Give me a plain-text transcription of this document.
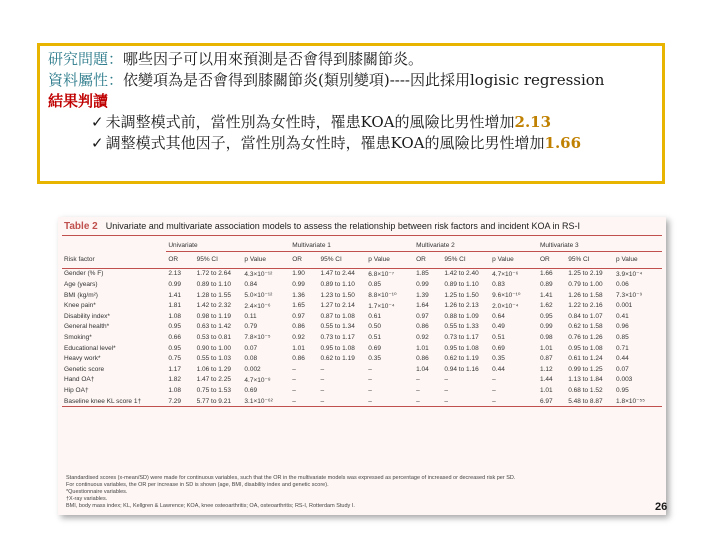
研究問題：哪些因子可以用來預測是否會得到膝關節炎。
資料屬性：依變項為是否會得到膝關節炎(類別變項)----因此採用logisic regression
結果判讀
✓ 未調整模式前，當性別為女性時，罹患KOA的風險比男性增加2.13
✓ 調整模式其他因子，當性別為女性時，罹患KOA的風險比男性增加1.66
Table 2 Univariate and multivariate association models to assess the relationship between risk factors and incident KOA in RS-I
	Univariate			Multivariate 1			Multivariate 2			Multivariate 3		
Risk factor	OR	95% CI	p Value	OR	95% CI	p Value	OR	95% CI	p Value	OR	95% CI	p Value
Gender (% F)	2.13	1.72 to 2.64	4.3×10⁻¹²	1.90	1.47 to 2.44	6.8×10⁻⁷	1.85	1.42 to 2.40	4.7×10⁻⁶	1.66	1.25 to 2.19	3.9×10⁻⁴
Age (years)	0.99	0.89 to 1.10	0.84	0.99	0.89 to 1.10	0.85	0.99	0.89 to 1.10	0.83	0.89	0.79 to 1.00	0.06
BMI (kg/m²)	1.41	1.28 to 1.55	5.0×10⁻¹²	1.36	1.23 to 1.50	8.8×10⁻¹⁰	1.39	1.25 to 1.50	9.6×10⁻¹⁰	1.41	1.26 to 1.58	7.3×10⁻⁹
Knee pain*	1.81	1.42 to 2.32	2.4×10⁻⁶	1.65	1.27 to 2.14	1.7×10⁻⁴	1.64	1.26 to 2.13	2.0×10⁻⁴	1.62	1.22 to 2.16	0.001
Disability index*	1.08	0.98 to 1.19	0.11	0.97	0.87 to 1.08	0.61	0.97	0.88 to 1.09	0.64	0.95	0.84 to 1.07	0.41
General health*	0.95	0.63 to 1.42	0.79	0.86	0.55 to 1.34	0.50	0.86	0.55 to 1.33	0.49	0.99	0.62 to 1.58	0.96
Smoking*	0.66	0.53 to 0.81	7.8×10⁻⁵	0.92	0.73 to 1.17	0.51	0.92	0.73 to 1.17	0.51	0.98	0.76 to 1.26	0.85
Educational level*	0.95	0.90 to 1.00	0.07	1.01	0.95 to 1.08	0.69	1.01	0.95 to 1.08	0.69	1.01	0.95 to 1.08	0.71
Heavy work*	0.75	0.55 to 1.03	0.08	0.86	0.62 to 1.19	0.35	0.86	0.62 to 1.19	0.35	0.87	0.61 to 1.24	0.44
Genetic score	1.17	1.06 to 1.29	0.002	–	–	–	1.04	0.94 to 1.16	0.44	1.12	0.99 to 1.25	0.07
Hand OA†	1.82	1.47 to 2.25	4.7×10⁻⁸	–	–	–	–	–	–	1.44	1.13 to 1.84	0.003
Hip OA†	1.08	0.75 to 1.53	0.69	–	–	–	–	–	–	1.01	0.68 to 1.52	0.95
Baseline knee KL score 1†	7.29	5.77 to 9.21	3.1×10⁻⁶²	–	–	–	–	–	–	6.97	5.48 to 8.87	1.8×10⁻⁵⁵
Standardised scores (x-mean/SD) were made for continuous variables, such that the OR in the multivariate models was expressed as percentage of increased or decreased risk per SD.
For continuous variables, the OR per increase in SD is shown (age, BMI, disability index and genetic score).
*Questionnaire variables.
†X-ray variables.
BMI, body mass index; KL, Kellgren & Lawrence; KOA, knee osteoarthritis; OA, osteoarthritis; RS-I, Rotterdam Study I.	26
